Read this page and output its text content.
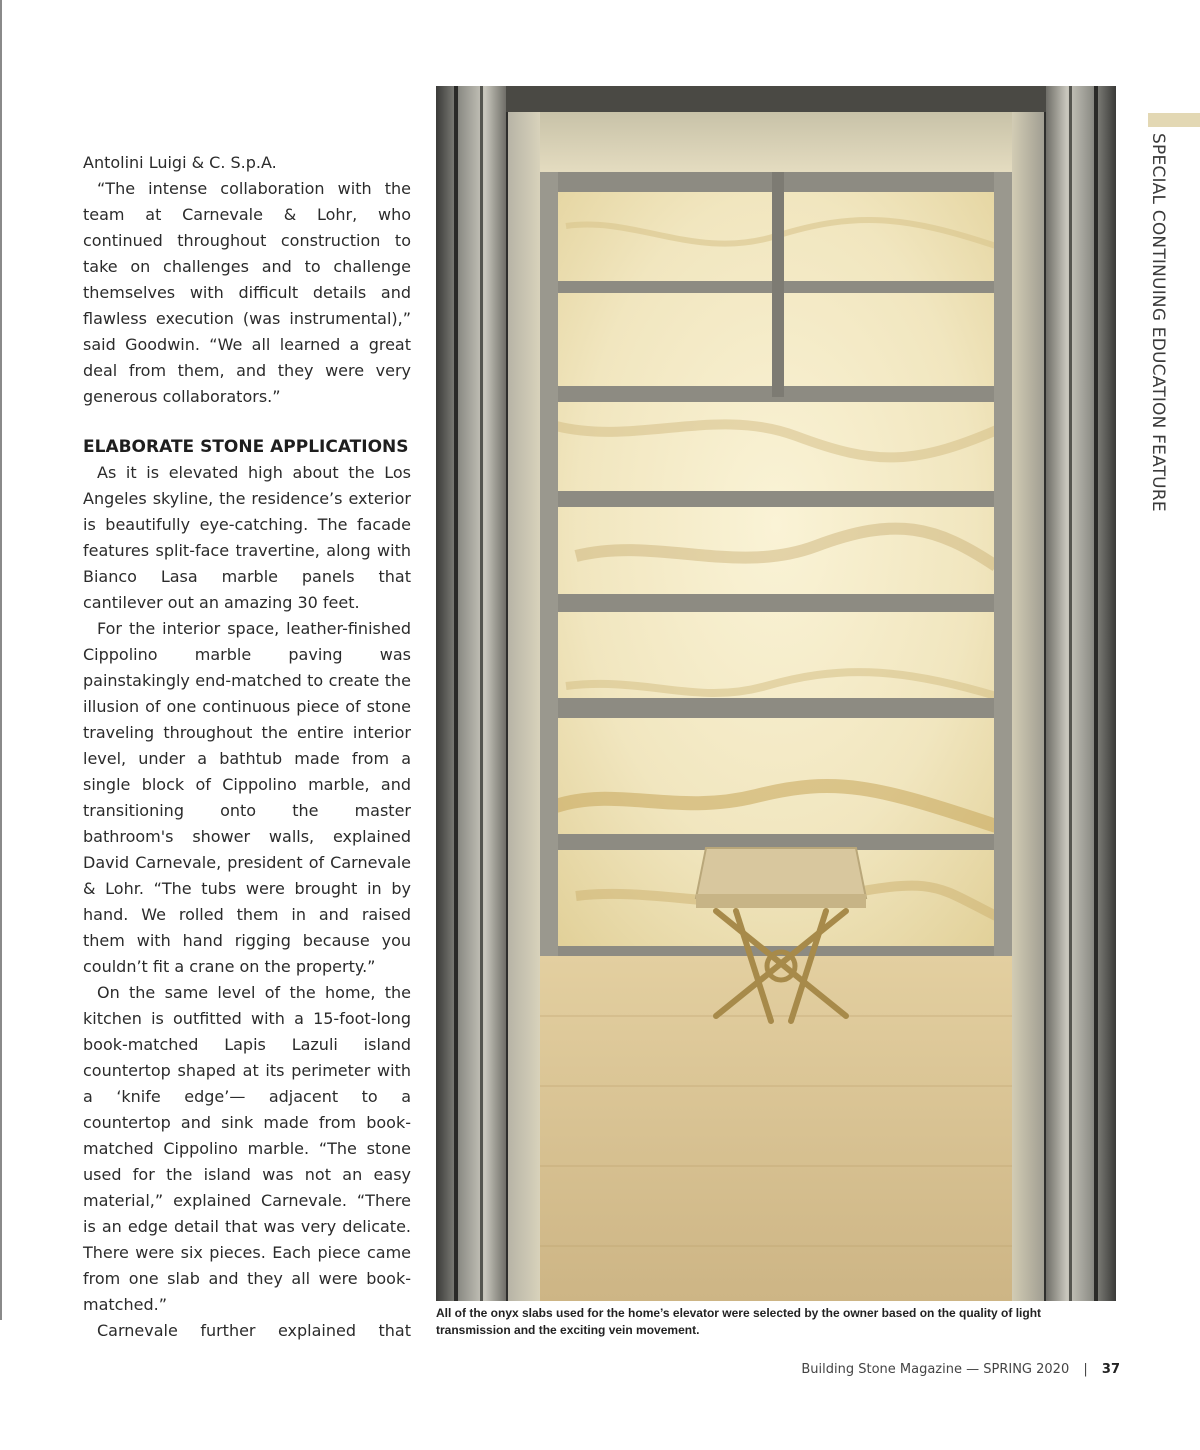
Antolini Luigi & C. S.p.A.

“The intense collaboration with the team at Carnevale & Lohr, who continued throughout construction to take on challenges and to challenge themselves with difficult details and flawless execution (was instrumental),” said Goodwin. “We all learned a great deal from them, and they were very generous collaborators.”

ELABORATE STONE APPLICATIONS

As it is elevated high about the Los Angeles skyline, the residence’s exterior is beautifully eye-catching. The facade features split-face travertine, along with Bianco Lasa marble panels that cantilever out an amazing 30 feet.

For the interior space, leather-finished Cippolino marble paving was painstakingly end-matched to create the illusion of one continuous piece of stone traveling throughout the entire interior level, under a bathtub made from a single block of Cippolino marble, and transitioning onto the master bathroom's shower walls, explained David Carnevale, president of Carnevale & Lohr. “The tubs were brought in by hand. We rolled them in and raised them with hand rigging because you couldn’t fit a crane on the property.”

On the same level of the home, the kitchen is outfitted with a 15-foot-long book-matched Lapis Lazuli island countertop shaped at its perimeter with a ‘knife edge’— adjacent to a countertop and sink made from book-matched Cippolino marble. “The stone used for the island was not an easy material,” explained Carnevale. “There is an edge detail that was very delicate. There were six pieces. Each piece came from one slab and they all were book-matched.”

Carnevale further explained that

All of the onyx slabs used for the home’s elevator were selected by the owner based on the quality of light transmission and the exciting vein movement.
SPECIAL CONTINUING EDUCATION FEATURE
Building Stone Magazine — SPRING 2020 | 37
